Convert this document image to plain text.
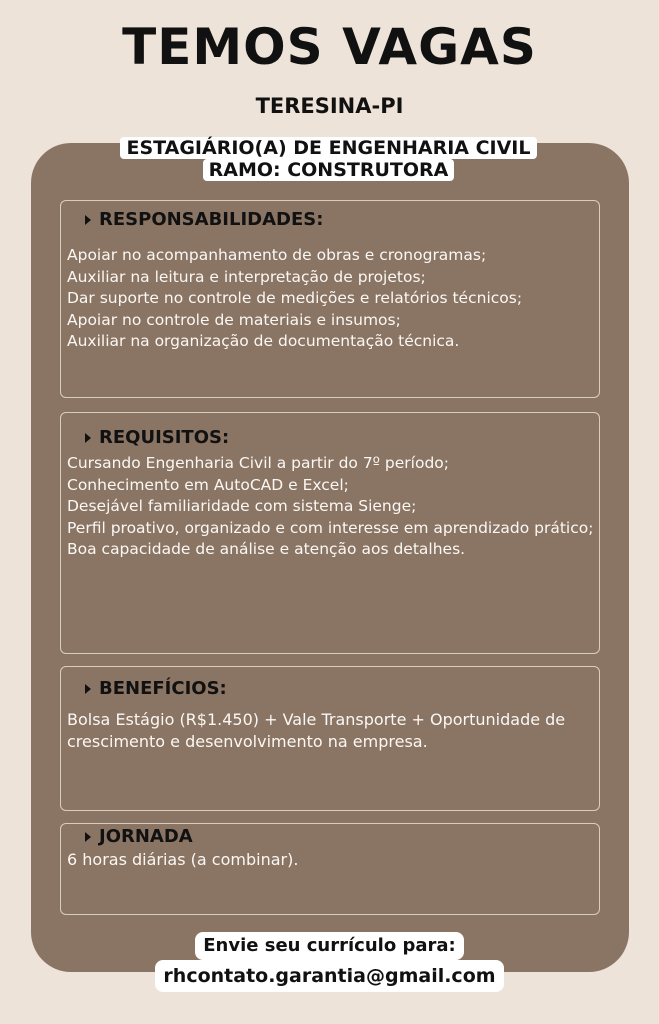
TEMOS VAGAS
TERESINA-PI
ESTAGIÁRIO(A) DE ENGENHARIA CIVIL
RAMO: CONSTRUTORA
RESPONSABILIDADES:
Apoiar no acompanhamento de obras e cronogramas;
Auxiliar na leitura e interpretação de projetos;
Dar suporte no controle de medições e relatórios técnicos;
Apoiar no controle de materiais e insumos;
Auxiliar na organização de documentação técnica.
REQUISITOS:
Cursando Engenharia Civil a partir do 7º período;
Conhecimento em AutoCAD e Excel;
Desejável familiaridade com sistema Sienge;
Perfil proativo, organizado e com interesse em aprendizado prático;
Boa capacidade de análise e atenção aos detalhes.
BENEFÍCIOS:
Bolsa Estágio (R$1.450) + Vale Transporte + Oportunidade de crescimento e desenvolvimento na empresa.
JORNADA
6 horas diárias (a combinar).
Envie seu currículo para:
rhcontato.garantia@gmail.com
